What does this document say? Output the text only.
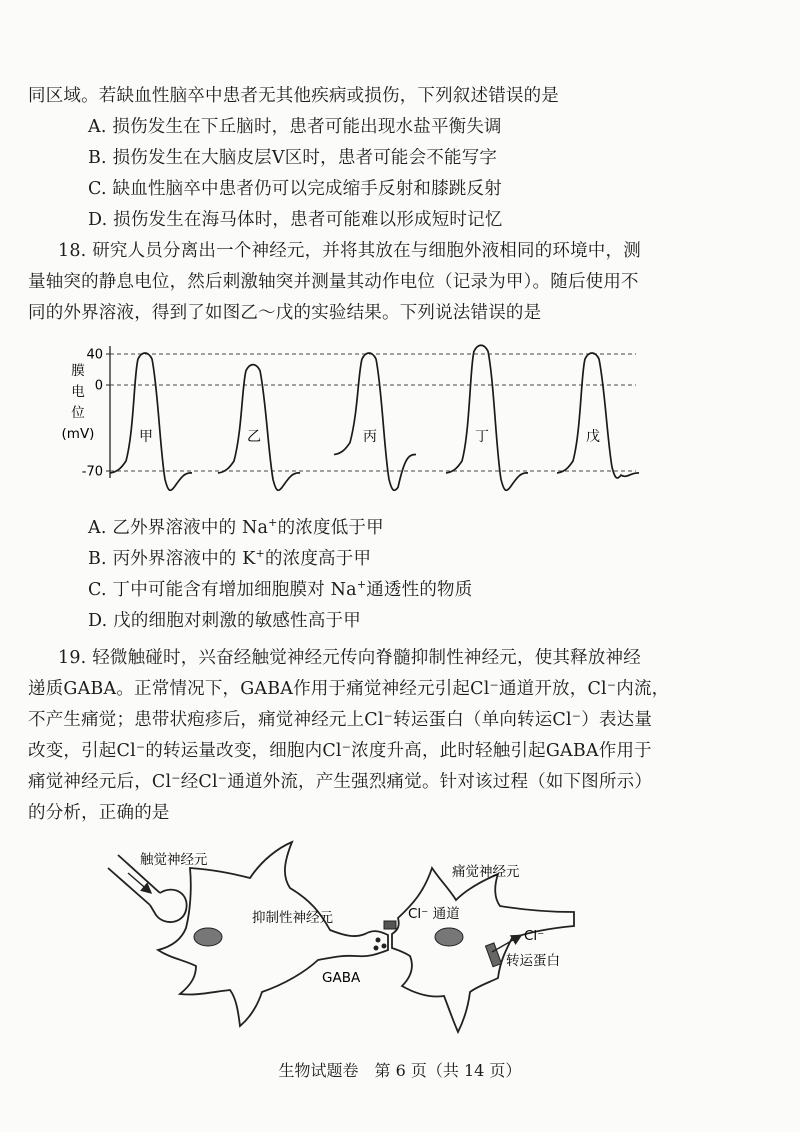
同区域。若缺血性脑卒中患者无其他疾病或损伤，下列叙述错误的是
A. 损伤发生在下丘脑时，患者可能出现水盐平衡失调
B. 损伤发生在大脑皮层Ⅴ区时，患者可能会不能写字
C. 缺血性脑卒中患者仍可以完成缩手反射和膝跳反射
D. 损伤发生在海马体时，患者可能难以形成短时记忆
18. 研究人员分离出一个神经元，并将其放在与细胞外液相同的环境中，测
量轴突的静息电位，然后刺激轴突并测量其动作电位（记录为甲）。随后使用不
同的外界溶液，得到了如图乙～戊的实验结果。下列说法错误的是
膜
电
位
(mV)
40
0
-70
甲	乙	丙	丁	戊
A. 乙外界溶液中的 Na+的浓度低于甲
B. 丙外界溶液中的 K+的浓度高于甲
C. 丁中可能含有增加细胞膜对 Na+通透性的物质
D. 戊的细胞对刺激的敏感性高于甲
19. 轻微触碰时，兴奋经触觉神经元传向脊髓抑制性神经元，使其释放神经
递质GABA。正常情况下，GABA作用于痛觉神经元引起Cl⁻通道开放，Cl⁻内流，
不产生痛觉；患带状疱疹后，痛觉神经元上Cl⁻转运蛋白（单向转运Cl⁻）表达量
改变，引起Cl⁻的转运量改变，细胞内Cl⁻浓度升高，此时轻触引起GABA作用于
痛觉神经元后，Cl⁻经Cl⁻通道外流，产生强烈痛觉。针对该过程（如下图所示）
的分析，正确的是
触觉神经元
抑制性神经元
痛觉神经元
Cl⁻ 通道
Cl⁻
转运蛋白
GABA
生物试题卷　第 6 页（共 14 页）
